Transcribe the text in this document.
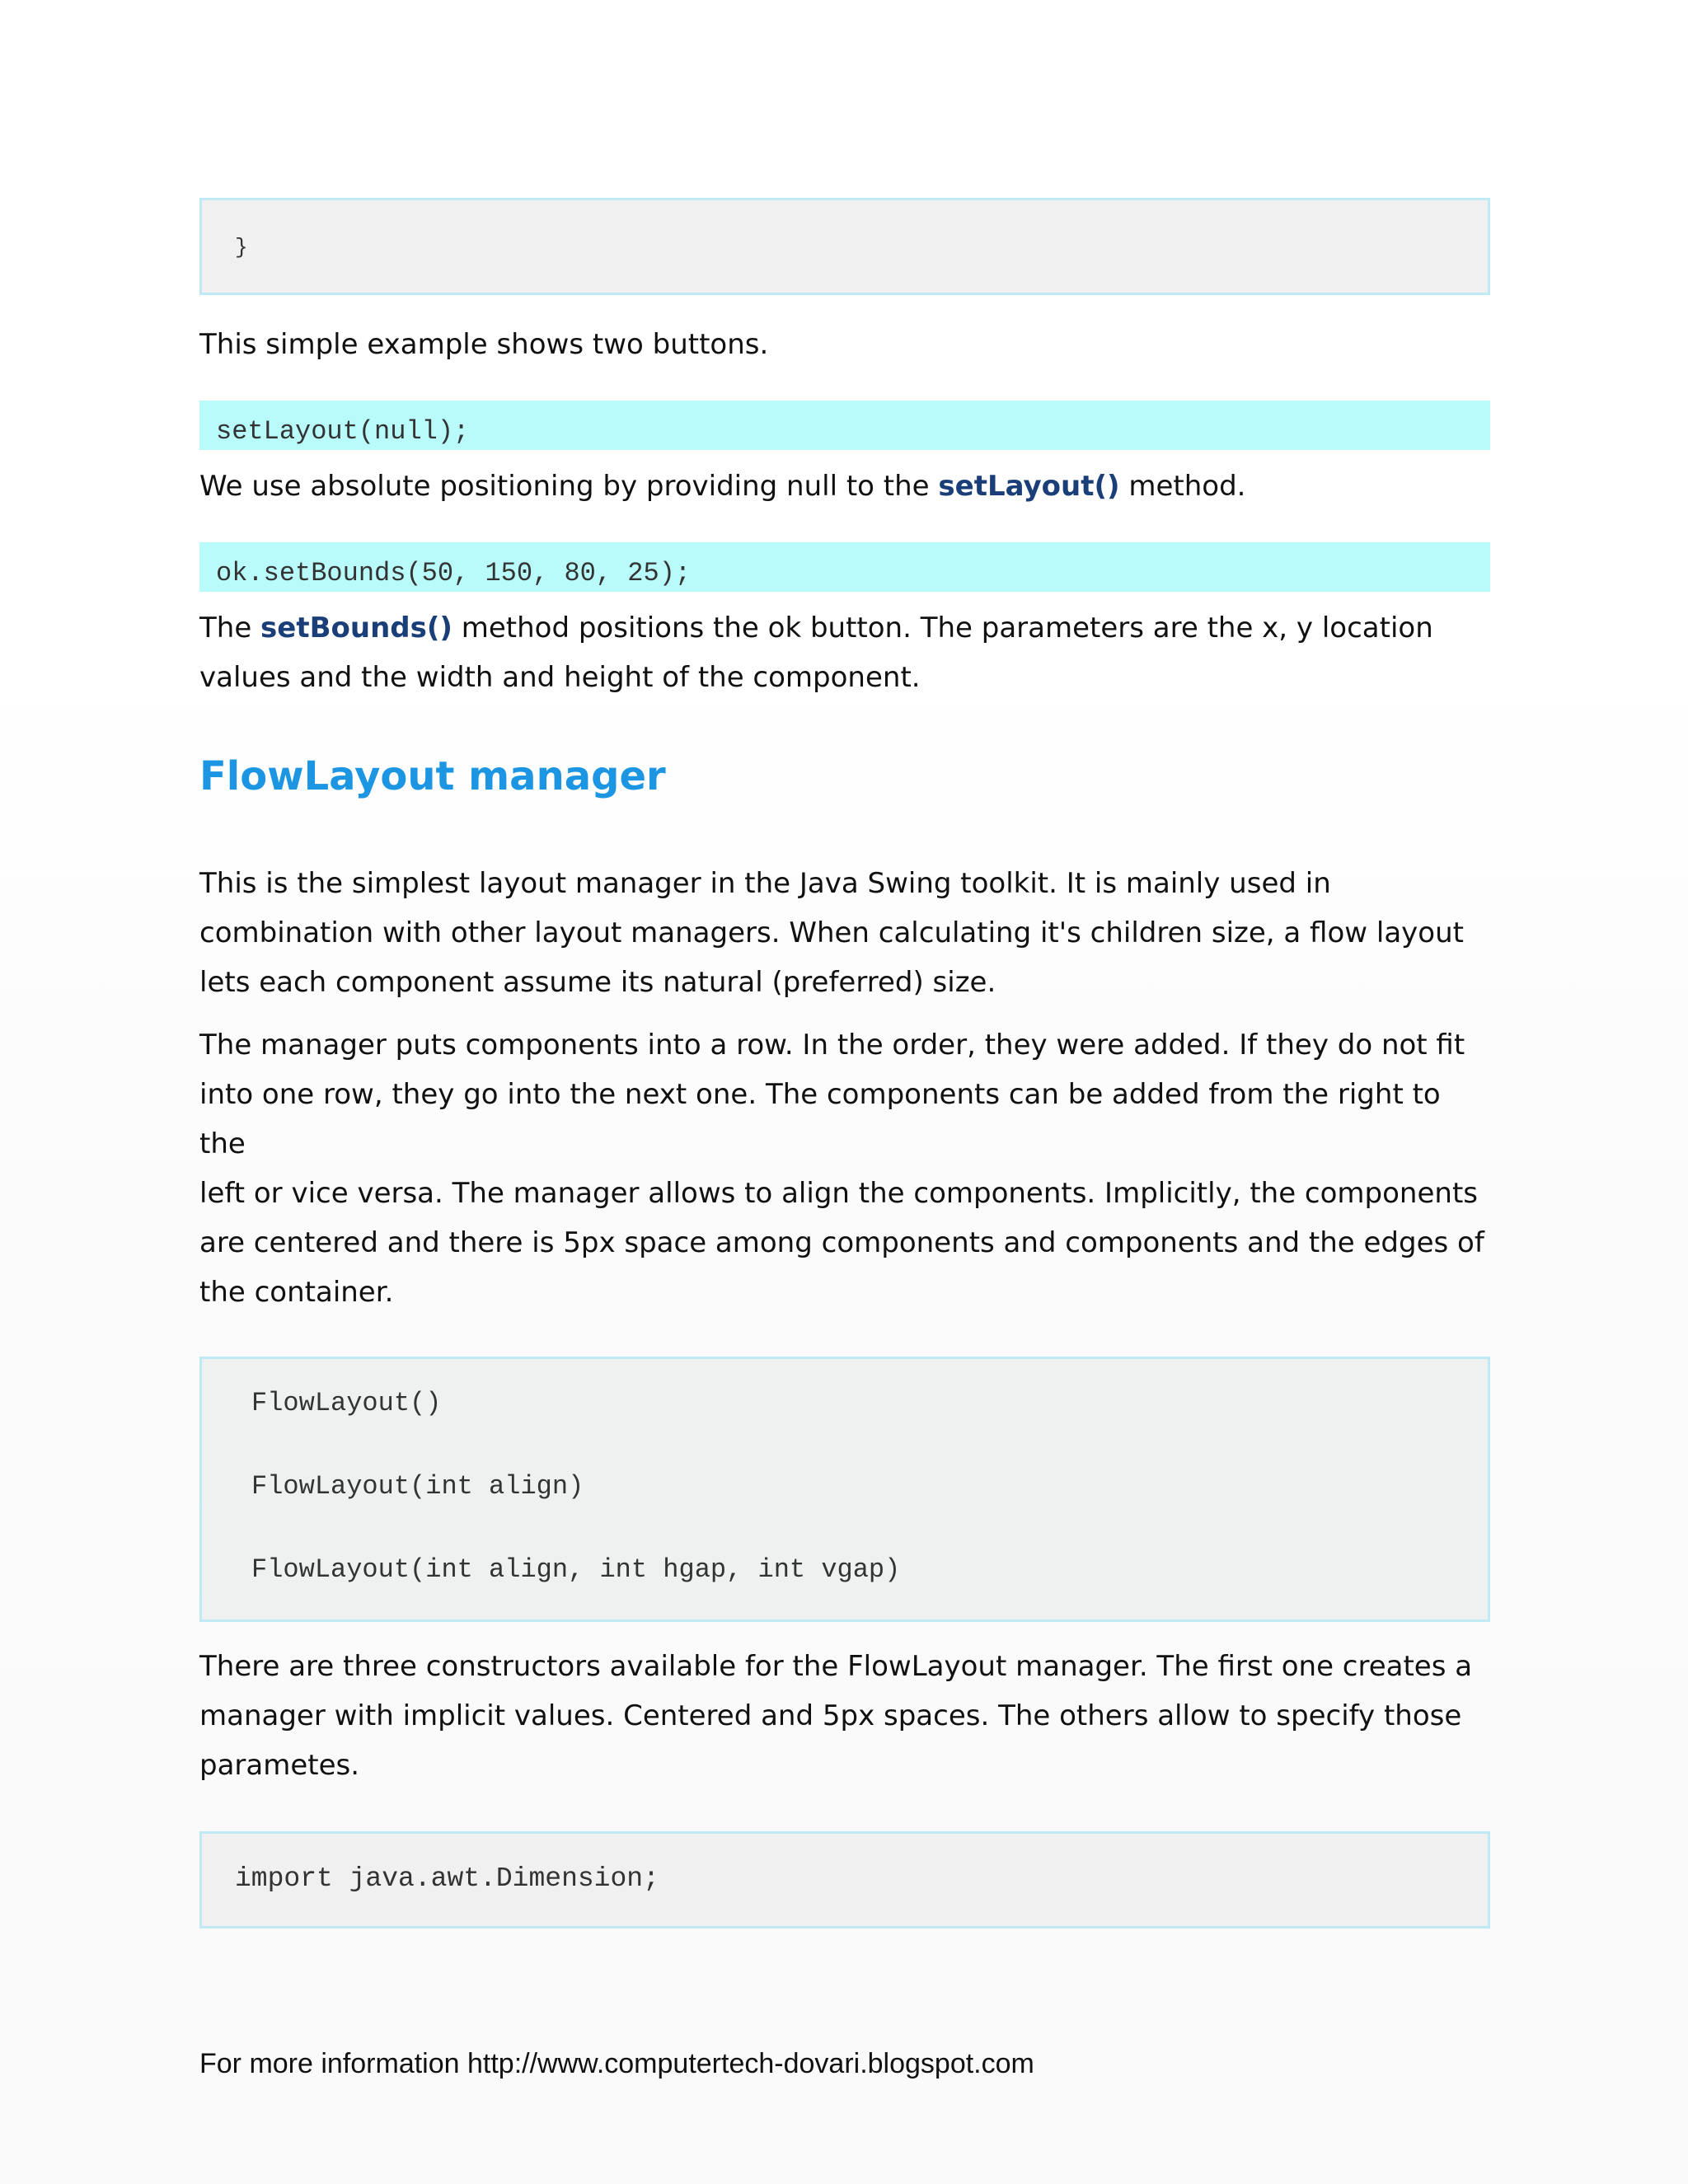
}

This simple example shows two buttons.

setLayout(null);

We use absolute positioning by providing null to the setLayout() method.

ok.setBounds(50, 150, 80, 25);

The setBounds() method positions the ok button. The parameters are the x, y location
values and the width and height of the component.

FlowLayout manager

This is the simplest layout manager in the Java Swing toolkit. It is mainly used in
combination with other layout managers. When calculating it's children size, a flow layout
lets each component assume its natural (preferred) size.

The manager puts components into a row. In the order, they were added. If they do not fit
into one row, they go into the next one. The components can be added from the right to the
left or vice versa. The manager allows to align the components. Implicitly, the components
are centered and there is 5px space among components and components and the edges of
the container.

FlowLayout()
FlowLayout(int align)
FlowLayout(int align, int hgap, int vgap)

There are three constructors available for the FlowLayout manager. The first one creates a
manager with implicit values. Centered and 5px spaces. The others allow to specify those
parametes.

import java.awt.Dimension;
For more information http://www.computertech-dovari.blogspot.com
